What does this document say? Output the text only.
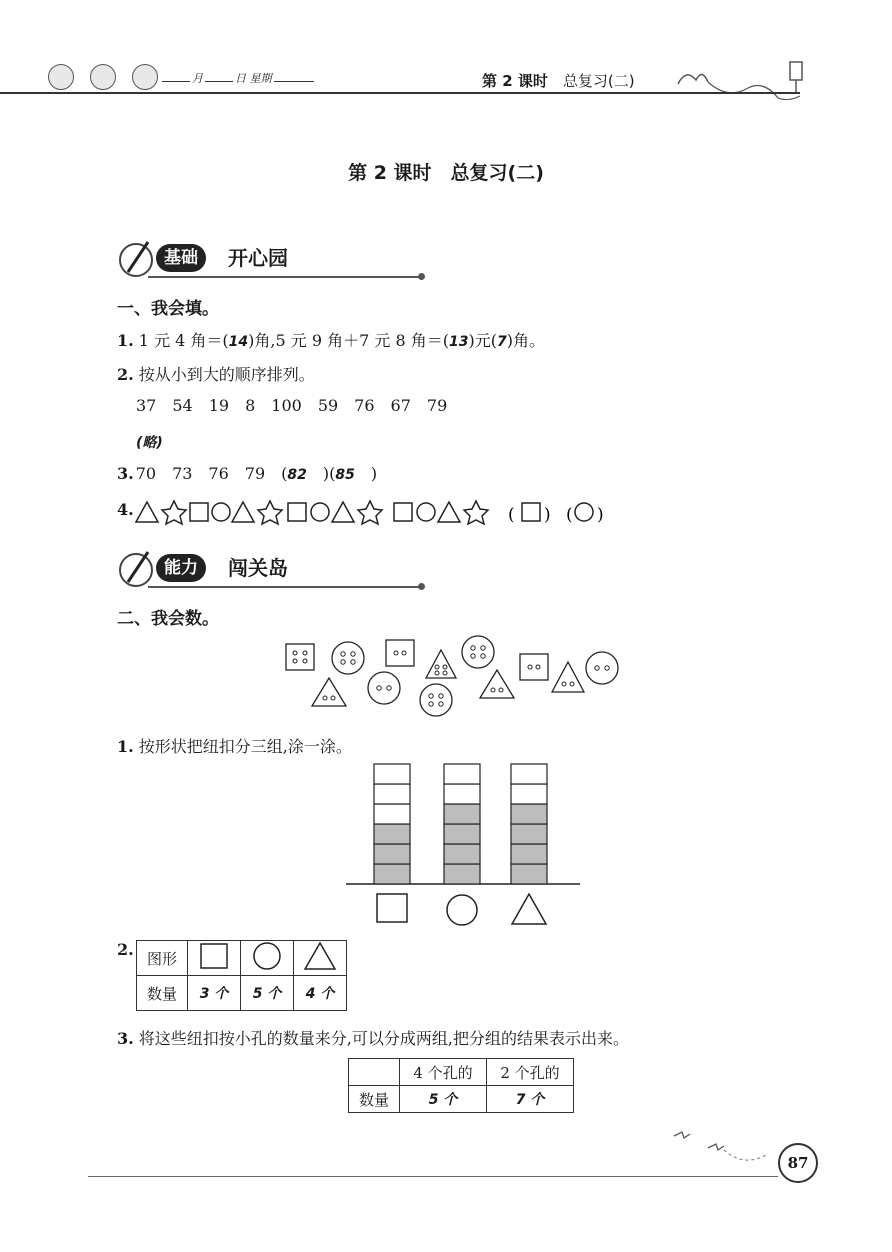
月	日 星期	第 2 课时　 总复习(二)
第 2 课时　总复习(二)
基础	开心园
一、我会填。
1. 1 元 4 角＝(14)角,5 元 9 角＋7 元 8 角＝(13)元(7)角。
2. 按从小到大的顺序排列。
37 54 19 8 100 59 76 67 79
(略)
3. 70 73 76 79 (82 )(85 )
4.	( ) ( )
能力	闯关岛
二、我会数。
1. 按形状把纽扣分三组,涂一涂。
2. 图形			
数量	3 个	5 个	4 个
3. 将这些纽扣按小孔的数量来分,可以分成两组,把分组的结果表示出来。
	4 个孔的	2 个孔的
数量	5 个	7 个
87
